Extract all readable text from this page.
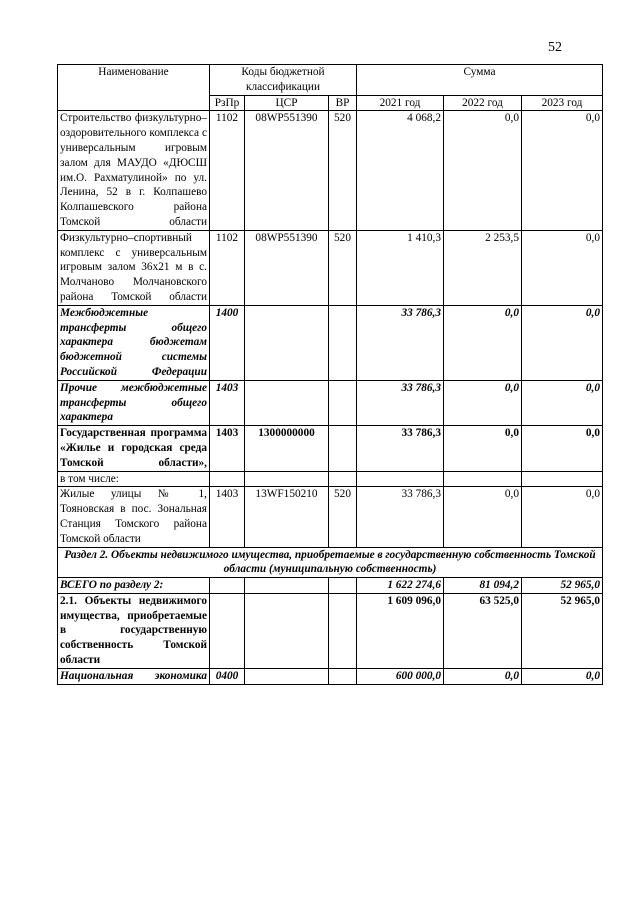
52
Наименование	Коды бюджетной классификации			Сумма		
	РзПр	ЦСР	ВР	2021 год	2022 год	2023 год
Строительство физкультурно–оздоровительного комплекса с универсальным игровым залом для МАУДО «ДЮСШ им.О. Рахматулиной» по ул. Ленина, 52 в г. Колпашево Колпашевского района Томской области	1102	08WP551390	520	4 068,2	0,0	0,0
Физкультурно–спортивный комплекс с универсальным игровым залом 36х21 м в с. Молчаново Молчановского района Томской области	1102	08WP551390	520	1 410,3	2 253,5	0,0
Межбюджетные трансферты общего характера бюджетам бюджетной системы Российской Федерации	1400			33 786,3	0,0	0,0
Прочие межбюджетные трансферты общего характера	1403			33 786,3	0,0	0,0
Государственная программа «Жилье и городская среда Томской области»,	1403	1300000000		33 786,3	0,0	0,0
в том числе:						
Жилые улицы № 1, Тояновская в пос. Зональная Станция Томского района Томской области	1403	13WF150210	520	33 786,3	0,0	0,0
Раздел 2. Объекты недвижимого имущества, приобретаемые в государственную собственность Томской области (муниципальную собственность)						
ВСЕГО по разделу 2:				1 622 274,6	81 094,2	52 965,0
2.1. Объекты недвижимого имущества, приобретаемые в государственную собственность Томской области				1 609 096,0	63 525,0	52 965,0
Национальная экономика	0400			600 000,0	0,0	0,0
